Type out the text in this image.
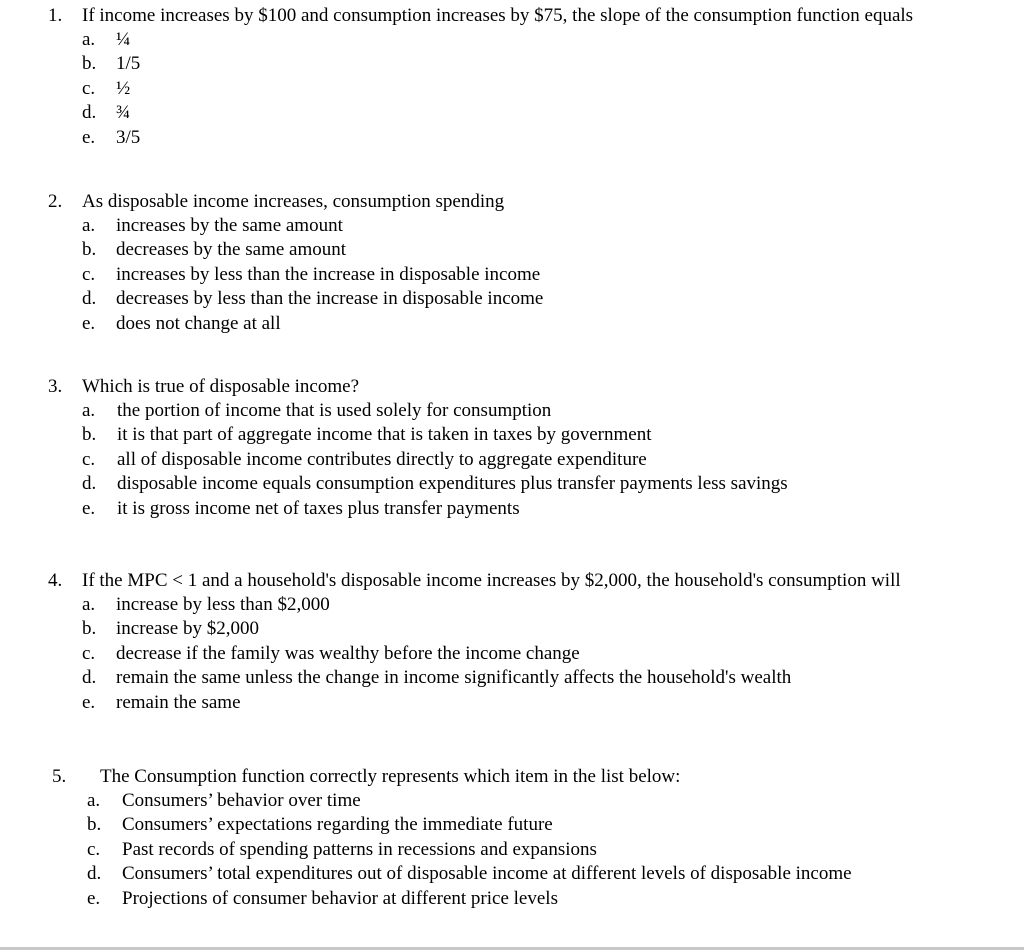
1. If income increases by $100 and consumption increases by $75, the slope of the consumption function equals
a. ¼
b. 1/5
c. ½
d. ¾
e. 3/5
2. As disposable income increases, consumption spending
a. increases by the same amount
b. decreases by the same amount
c. increases by less than the increase in disposable income
d. decreases by less than the increase in disposable income
e. does not change at all
3. Which is true of disposable income?
a. the portion of income that is used solely for consumption
b. it is that part of aggregate income that is taken in taxes by government
c. all of disposable income contributes directly to aggregate expenditure
d. disposable income equals consumption expenditures plus transfer payments less savings
e. it is gross income net of taxes plus transfer payments
4. If the MPC < 1 and a household's disposable income increases by $2,000, the household's consumption will
a. increase by less than $2,000
b. increase by $2,000
c. decrease if the family was wealthy before the income change
d. remain the same unless the change in income significantly affects the household's wealth
e. remain the same
5. The Consumption function correctly represents which item in the list below:
a. Consumers’ behavior over time
b. Consumers’ expectations regarding the immediate future
c. Past records of spending patterns in recessions and expansions
d. Consumers’ total expenditures out of disposable income at different levels of disposable income
e. Projections of consumer behavior at different price levels
